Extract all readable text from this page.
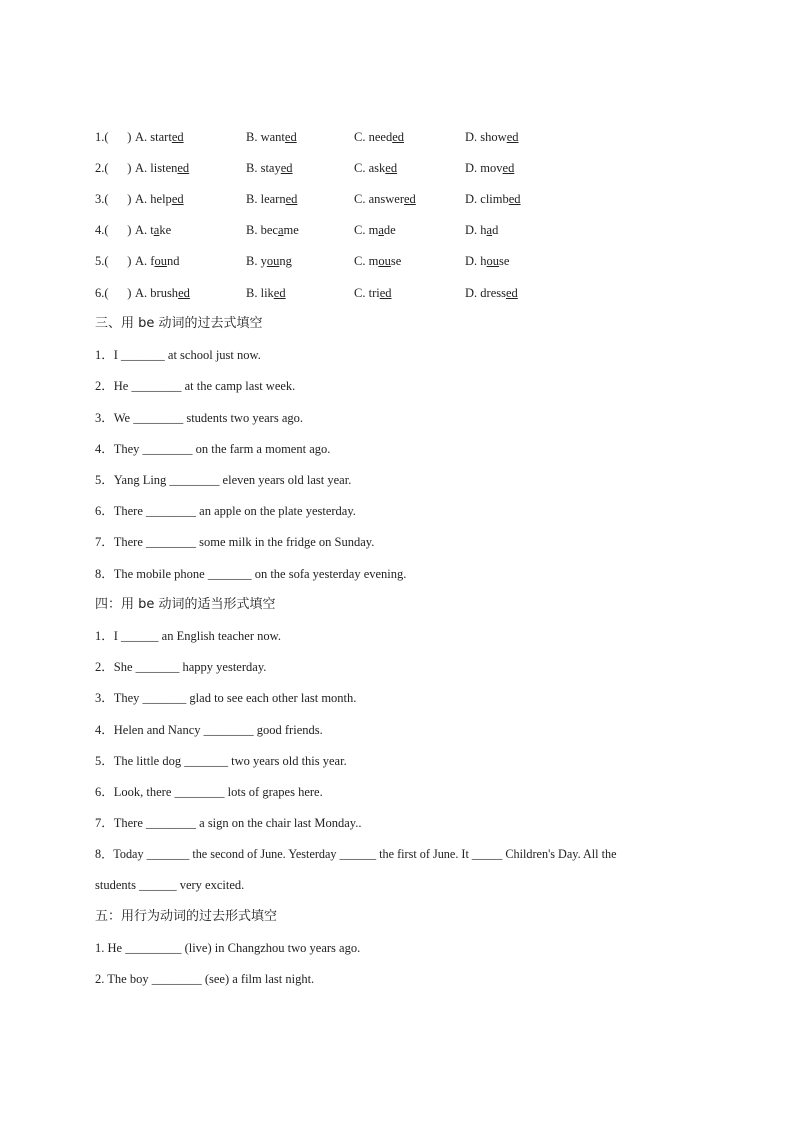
1.(      ) A. started	B. wanted	C. needed	D. showed
2.(      ) A. listened	B. stayed	C. asked	D. moved
3.(      ) A. helped	B. learned	C. answered	D. climbed
4.(      ) A. take	B. became	C. made	D. had
5.(      ) A. found	B. young	C. mouse	D. house
6.(      ) A. brushed	B. liked	C. tried	D. dressed
三、用 be 动词的过去式填空
1．I _______ at school just now.
2．He ________ at the camp last week.
3．We ________ students two years ago.
4．They ________ on the farm a moment ago.
5．Yang Ling ________ eleven years old last year.
6．There ________ an apple on the plate yesterday.
7．There ________ some milk in the fridge on Sunday.
8．The mobile phone _______ on the sofa yesterday evening.
四：用 be 动词的适当形式填空
1．I ______ an English teacher now.
2．She _______ happy yesterday.
3．They _______ glad to see each other last month.
4．Helen and Nancy ________ good friends.
5．The little dog _______ two years old this year.
6．Look, there ________ lots of grapes here.
7．There ________ a sign on the chair last Monday..
8．Today _______ the second of June. Yesterday ______ the first of June. It _____ Children's Day. All the
students ______ very excited.
五：用行为动词的过去形式填空
1. He _________ (live) in Changzhou two years ago.
2. The boy ________ (see) a film last night.
